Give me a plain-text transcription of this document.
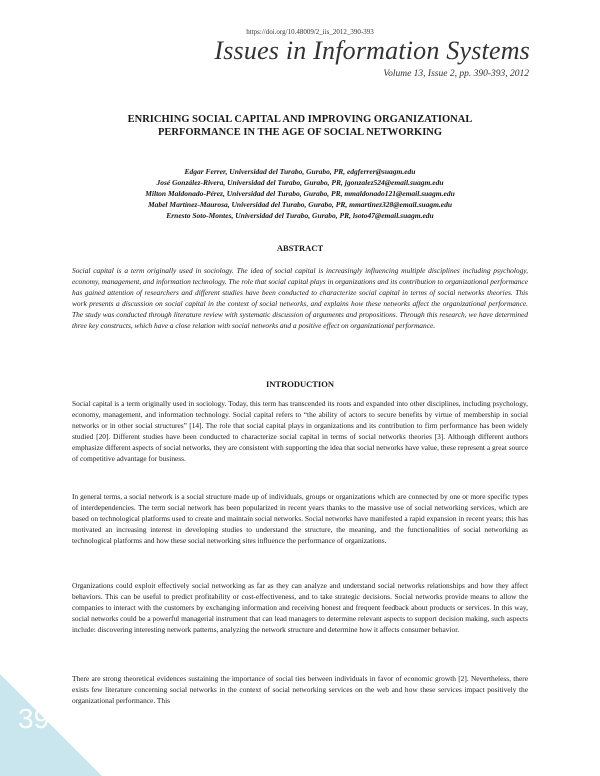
https://doi.org/10.48009/2_iis_2012_390-393
Issues in Information Systems
Volume 13, Issue 2, pp. 390-393, 2012
ENRICHING SOCIAL CAPITAL AND IMPROVING ORGANIZATIONAL
PERFORMANCE IN THE AGE OF SOCIAL NETWORKING
Edgar Ferrer, Universidad del Turabo, Gurabo, PR, edgferrer@suagm.edu
José González-Rivera, Universidad del Turabo, Gurabo, PR, jgonzalez524@email.suagm.edu
Milton Maldonado-Pérez, Universidad del Turabo, Gurabo, PR, mmaldonado121@email.suagm.edu
Mabel Martínez-Maurosa, Universidad del Turabo, Gurabo, PR, mmartinez328@email.suagm.edu
Ernesto Soto-Montes, Universidad del Turabo, Gurabo, PR, lsoto47@email.suagm.edu
ABSTRACT

Social capital is a term originally used in sociology. The idea of social capital is increasingly influencing multiple disciplines including psychology, economy, management, and information technology. The role that social capital plays in organizations and its contribution to organizational performance has gained attention of researchers and different studies have been conducted to characterize social capital in terms of social networks theories. This work presents a discussion on social capital in the context of social networks, and explains how these networks affect the organizational performance. The study was conducted through literature review with systematic discussion of arguments and propositions. Through this research, we have determined three key constructs, which have a close relation with social networks and a positive effect on organizational performance.

INTRODUCTION

Social capital is a term originally used in sociology. Today, this term has transcended its roots and expanded into other disciplines, including psychology, economy, management, and information technology. Social capital refers to “the ability of actors to secure benefits by virtue of membership in social networks or in other social structures” [14]. The role that social capital plays in organizations and its contribution to firm performance has been widely studied [20]. Different studies have been conducted to characterize social capital in terms of social networks theories [3]. Although different authors emphasize different aspects of social networks, they are consistent with supporting the idea that social networks have value, these represent a great source of competitive advantage for business.

In general terms, a social network is a social structure made up of individuals, groups or organizations which are connected by one or more specific types of interdependencies. The term social network has been popularized in recent years thanks to the massive use of social networking services, which are based on technological platforms used to create and maintain social networks. Social networks have manifested a rapid expansion in recent years; this has motivated an increasing interest in developing studies to understand the structure, the meaning, and the functionalities of social networking as technological platforms and how these social networking sites influence the performance of organizations.

Organizations could exploit effectively social networking as far as they can analyze and understand social networks relationships and how they affect behaviors. This can be useful to predict profitability or cost-effectiveness, and to take strategic decisions. Social networks provide means to allow the companies to interact with the customers by exchanging information and receiving honest and frequent feedback about products or services. In this way, social networks could be a powerful managerial instrument that can lead managers to determine relevant aspects to support decision making, such aspects include: discovering interesting network patterns, analyzing the network structure and determine how it affects consumer behavior.

There are strong theoretical evidences sustaining the importance of social ties between individuals in favor of economic growth [2]. Nevertheless, there exists few literature concerning social networks in the context of social networking services on the web and how these services impact positively the organizational performance. This

390
